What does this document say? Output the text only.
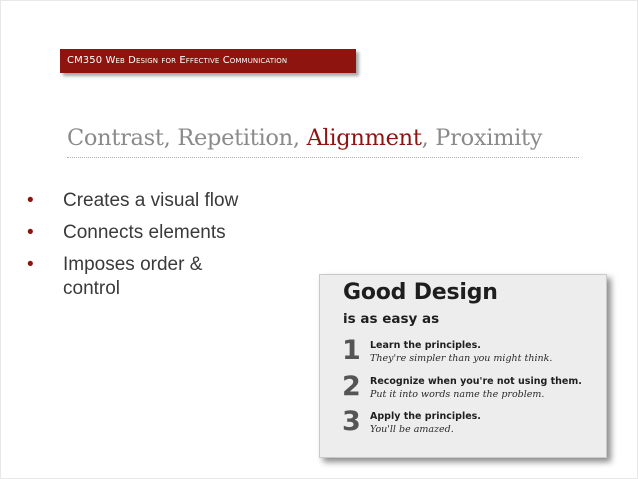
CM350 Web Design for Effective Communication
Contrast, Repetition, Alignment, Proximity
•	Creates a visual flow
•	Connects elements
•	Imposes order & control	Good Design
is as easy as
1 Learn the principles.
They're simpler than you might think.
2 Recognize when you're not using them.
Put it into words name the problem.
3 Apply the principles.
You'll be amazed.
